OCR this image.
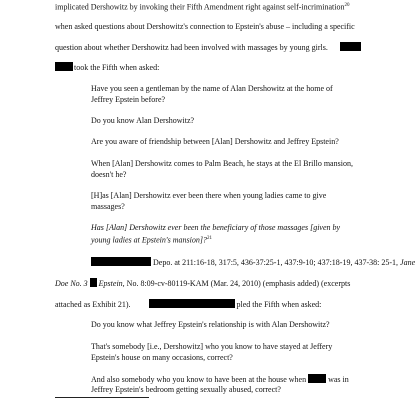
implicated Dershowitz by invoking their Fifth Amendment right against self-incrimination$^{20}$
when asked questions about Dershowitz's connection to Epstein's abuse – including a specific
question about whether Dershowitz had been involved with massages by young girls.
took the Fifth when asked:
Have you seen a gentleman by the name of Alan Dershowitz at the home of
Jeffrey Epstein before?
Do you know Alan Dershowitz?
Are you aware of friendship between [Alan] Dershowitz and Jeffrey Epstein?
When [Alan] Dershowitz comes to Palm Beach, he stays at the El Brillo mansion,
doesn't he?
[H]as [Alan] Dershowitz ever been there when young ladies came to give
massages?
Has [Alan] Dershowitz ever been the beneficiary of those massages [given by
young ladies at Epstein's mansion]?$^{21}$
Depo. at 211:16-18, 317:5, 436-37:25-1, 437:9-10; 437:18-19, 437-38: 25-1, Jane
Doe No. 3 Epstein, No. 8:09-cv-80119-KAM (Mar. 24, 2010) (emphasis added) (excerpts
attached as Exhibit 21).	pled the Fifth when asked:
Do you know what Jeffrey Epstein's relationship is with Alan Dershowitz?
That's somebody [i.e., Dershowitz] who you know to have stayed at Jeffery
Epstein's house on many occasions, correct?
And also somebody who you know to have been at the house when	was in
Jeffrey Epstein's bedroom getting sexually abused, correct?
